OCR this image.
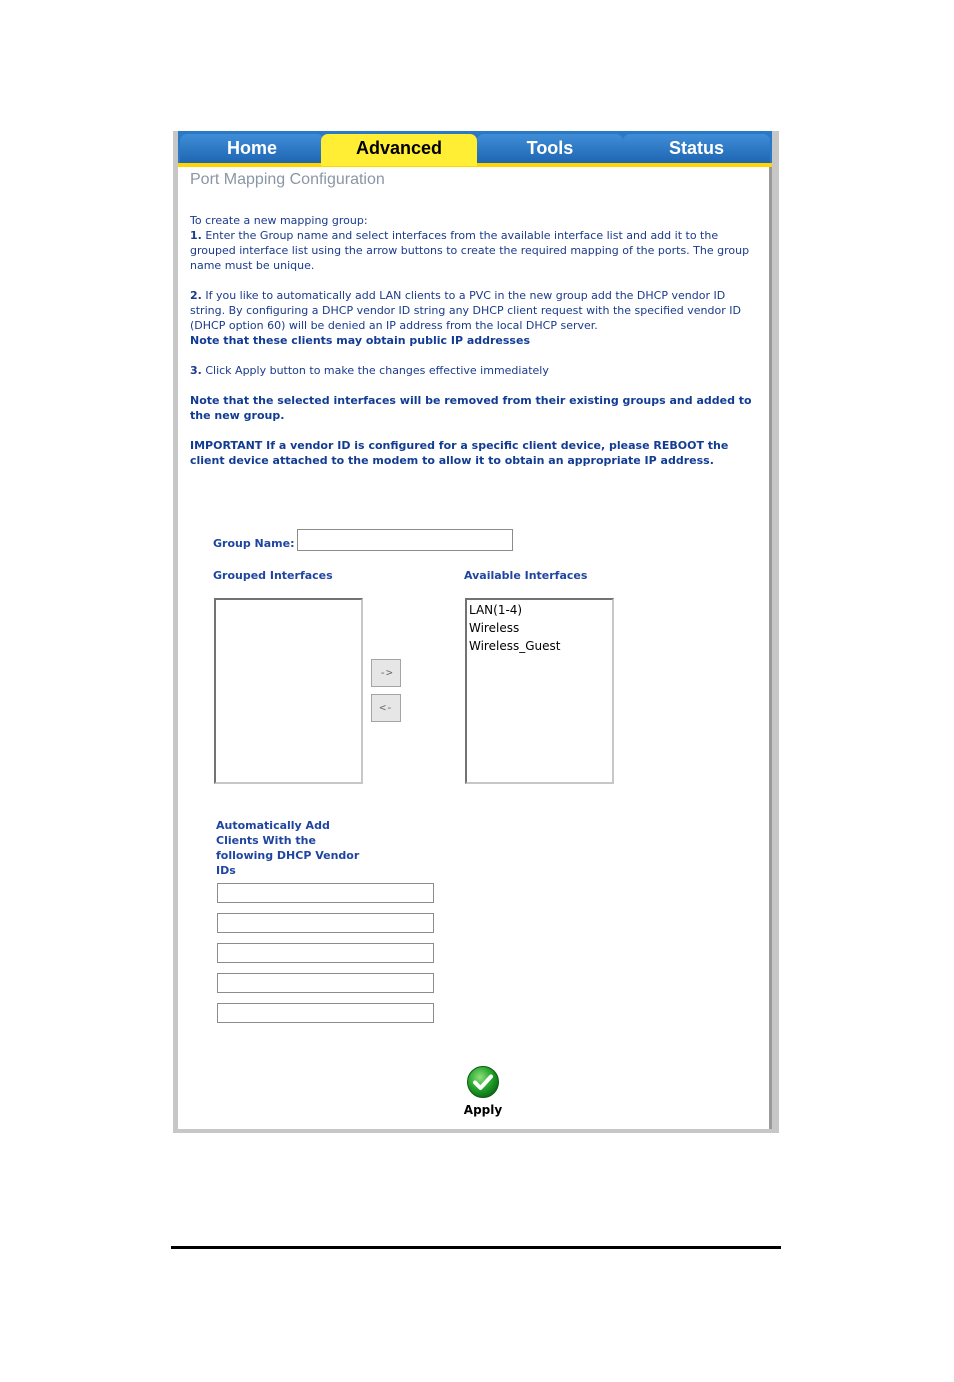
Home	Tools	Status
Advanced
Port Mapping Configuration
To create a new mapping group:
1. Enter the Group name and select interfaces from the available interface list and add it to the grouped interface list using the arrow buttons to create the required mapping of the ports. The group name must be unique.
2. If you like to automatically add LAN clients to a PVC in the new group add the DHCP vendor ID string. By configuring a DHCP vendor ID string any DHCP client request with the specified vendor ID (DHCP option 60) will be denied an IP address from the local DHCP server.
Note that these clients may obtain public IP addresses
3. Click Apply button to make the changes effective immediately
Note that the selected interfaces will be removed from their existing groups and added to the new group.
IMPORTANT If a vendor ID is configured for a specific client device, please REBOOT the client device attached to the modem to allow it to obtain an appropriate IP address.
Group Name:
Grouped Interfaces	Available Interfaces
->
<-
LAN(1-4)
Wireless
Wireless_Guest
Automatically Add Clients With the following DHCP Vendor IDs
Apply
